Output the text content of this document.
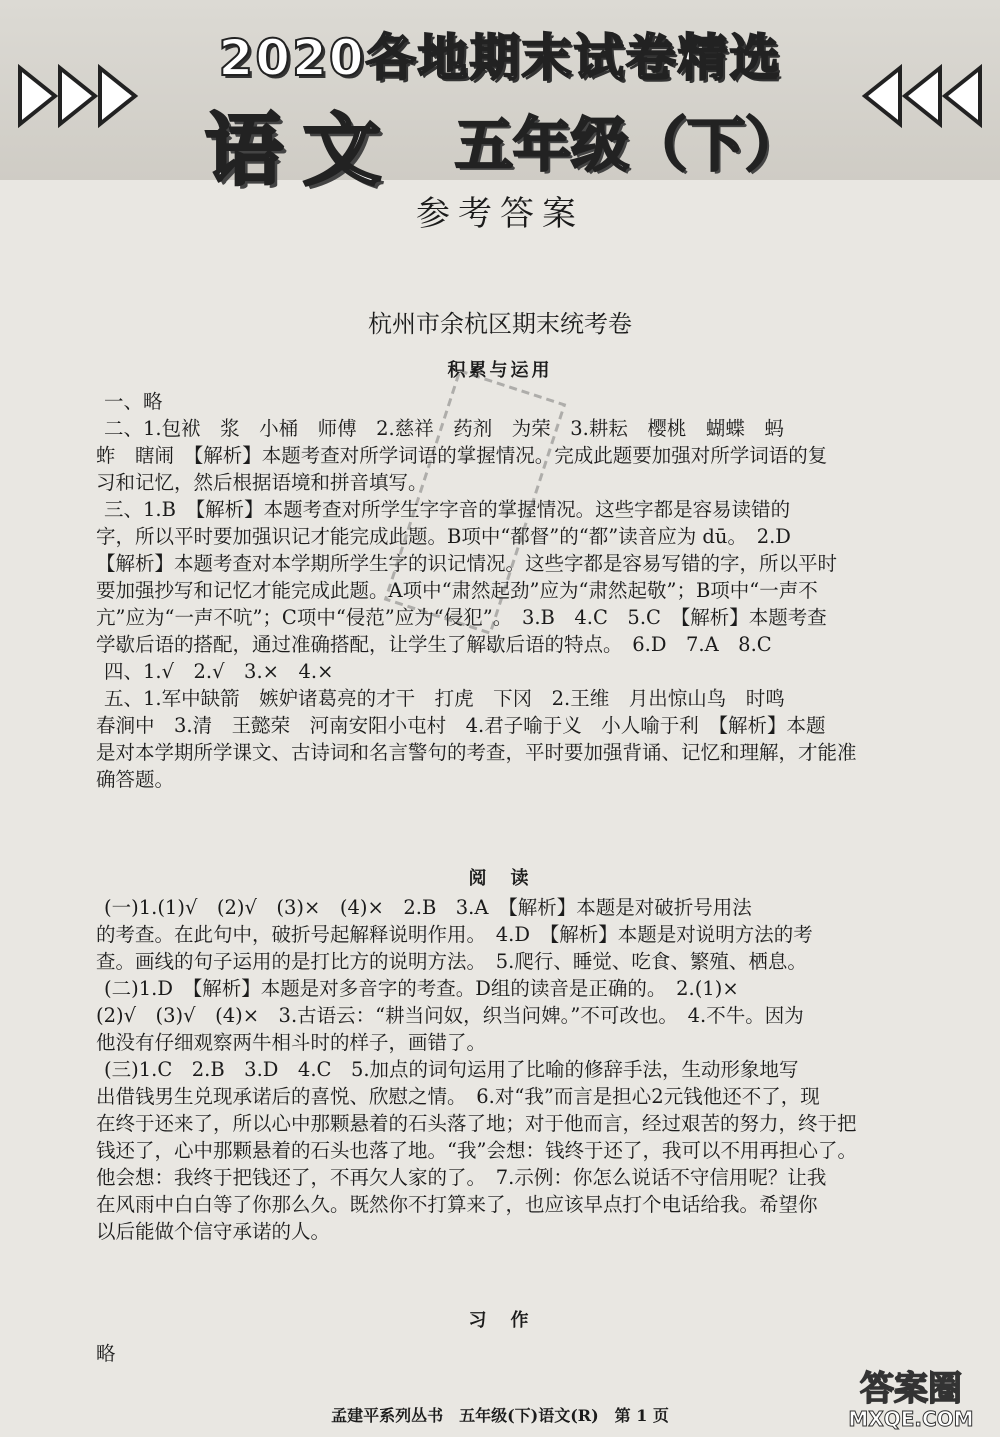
2020各地期末试卷精选
语文 五年级（下）
参考答案
杭州市余杭区期末统考卷
积累与运用
一、略
二、1.包袱　浆　小桶　师傅　2.慈祥　药剂　为荣　3.耕耘　樱桃　蝴蝶　蚂
蚱　瞎闹　【解析】本题考查对所学词语的掌握情况。完成此题要加强对所学词语的复
习和记忆，然后根据语境和拼音填写。
三、1.B　【解析】本题考查对所学生字字音的掌握情况。这些字都是容易读错的
字，所以平时要加强识记才能完成此题。B项中“都督”的“都”读音应为 dū。　2.D
【解析】本题考查对本学期所学生字的识记情况。这些字都是容易写错的字，所以平时
要加强抄写和记忆才能完成此题。A项中“肃然起劲”应为“肃然起敬”；B项中“一声不
亢”应为“一声不吭”；C项中“侵范”应为“侵犯”。　3.B　4.C　5.C　【解析】本题考查
学歇后语的搭配，通过准确搭配，让学生了解歇后语的特点。　6.D　7.A　8.C
四、1.√　2.√　3.×　4.×
五、1.军中缺箭　嫉妒诸葛亮的才干　打虎　下冈　2.王维　月出惊山鸟　时鸣
春涧中　3.清　王懿荣　河南安阳小屯村　4.君子喻于义　小人喻于利　【解析】本题
是对本学期所学课文、古诗词和名言警句的考查，平时要加强背诵、记忆和理解，才能准
确答题。
阅　读
(一)1.(1)√　(2)√　(3)×　(4)×　2.B　3.A　【解析】本题是对破折号用法
的考查。在此句中，破折号起解释说明作用。　4.D　【解析】本题是对说明方法的考
查。画线的句子运用的是打比方的说明方法。　5.爬行、睡觉、吃食、繁殖、栖息。
(二)1.D　【解析】本题是对多音字的考查。D组的读音是正确的。　2.(1)×
(2)√　(3)√　(4)×　3.古语云：“耕当问奴，织当问婢。”不可改也。　4.不牛。因为
他没有仔细观察两牛相斗时的样子，画错了。
(三)1.C　2.B　3.D　4.C　5.加点的词句运用了比喻的修辞手法，生动形象地写
出借钱男生兑现承诺后的喜悦、欣慰之情。　6.对“我”而言是担心2元钱他还不了，现
在终于还来了，所以心中那颗悬着的石头落了地；对于他而言，经过艰苦的努力，终于把
钱还了，心中那颗悬着的石头也落了地。“我”会想：钱终于还了，我可以不用再担心了。
他会想：我终于把钱还了，不再欠人家的了。　7.示例：你怎么说话不守信用呢？让我
在风雨中白白等了你那么久。既然你不打算来了，也应该早点打个电话给我。希望你
以后能做个信守承诺的人。
习　作
略
孟建平系列丛书　五年级(下)语文(R)　第 1 页
答案圈
MXQE.COM
